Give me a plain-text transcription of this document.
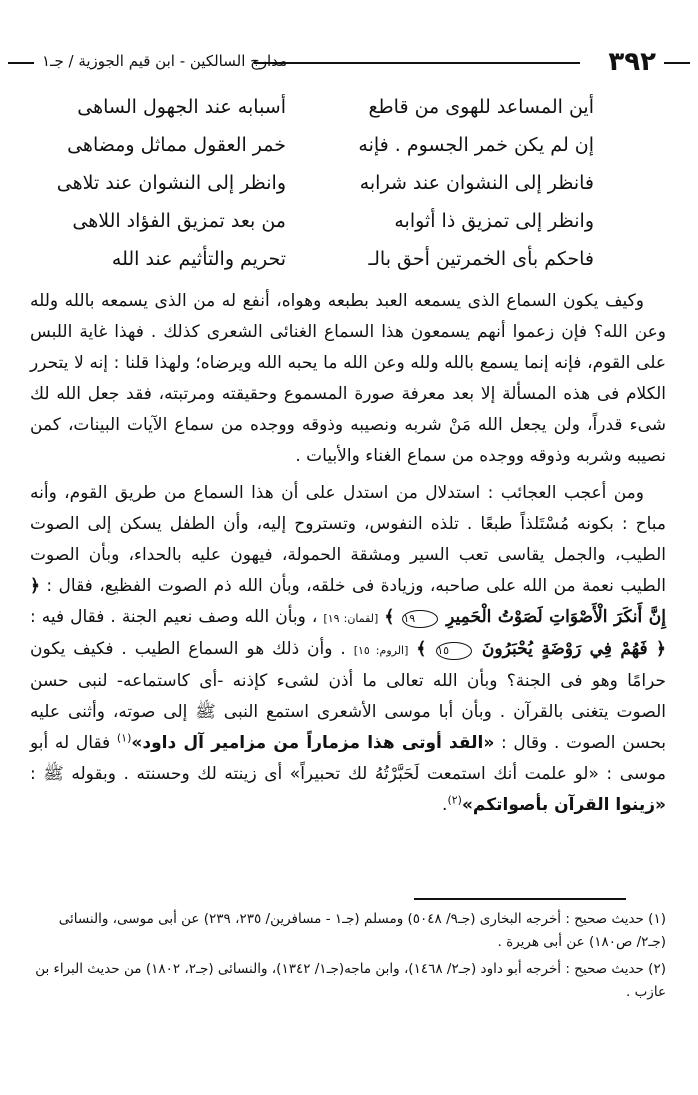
٣٩٢
مدارج السالكين - ابن قيم الجوزية / جـ١
أين المساعد للهوى من قاطع
أسبابه عند الجهول الساهى
إن لم يكن خمر الجسوم . فإنه
خمر العقول مماثل ومضاهى
فانظر إلى النشوان عند شرابه
وانظر إلى النشوان عند تلاهى
وانظر إلى تمزيق ذا أثوابه
من بعد تمزيق الفؤاد اللاهى
فاحكم بأى الخمرتين أحق بالـ
تحريم والتأثيم عند الله

وكيف يكون السماع الذى يسمعه العبد بطبعه وهواه، أنفع له من الذى يسمعه بالله ولله وعن الله؟ فإن زعموا أنهم يسمعون هذا السماع الغنائى الشعرى كذلك . فهذا غاية اللبس على القوم، فإنه إنما يسمع بالله ولله وعن الله ما يحبه الله ويرضاه؛ ولهذا قلنا : إنه لا يتحرر الكلام فى هذه المسألة إلا بعد معرفة صورة المسموع وحقيقته ومرتبته، فقد جعل الله لك شىء قدراً، ولن يجعل الله مَنْ شربه ونصيبه وذوقه ووجده من سماع الآيات البينات، كمن نصيبه وشربه وذوقه ووجده من سماع الغناء والأبيات .

ومن أعجب العجائب : استدلال من استدل على أن هذا السماع من طريق القوم، وأنه مباح : بكونه مُسْتَلذاً طبعًا . تلذه النفوس، وتستروح إليه، وأن الطفل يسكن إلى الصوت الطيب، والجمل يقاسى تعب السير ومشقة الحمولة، فيهون عليه بالحداء، وبأن الصوت الطيب نعمة من الله على صاحبه، وزيادة فى خلقه، وبأن الله ذم الصوت الفظيع، فقال : ﴿ إِنَّ أَنكَرَ الْأَصْوَاتِ لَصَوْتُ الْحَمِيرِ ١٩ ﴾ [لقمان: ١٩] ، وبأن الله وصف نعيم الجنة . فقال فيه : ﴿ فَهُمْ فِي رَوْضَةٍ يُحْبَرُونَ ١٥ ﴾ [الروم: ١٥] . وأن ذلك هو السماع الطيب . فكيف يكون حرامًا وهو فى الجنة؟ وبأن الله تعالى ما أذن لشىء كإذنه -أى كاستماعه- لنبى حسن الصوت يتغنى بالقرآن . وبأن أبا موسى الأشعرى استمع النبى ﷺ إلى صوته، وأثنى عليه بحسن الصوت . وقال : «القد أوتى هذا مزماراً من مزامير آل داود»$^{(١)}$ فقال له أبو موسى : «لو علمت أنك استمعت لَحَبَّرْتُهُ لك تحبيراً» أى زينته لك وحسنته . وبقوله ﷺ : «زينوا القرآن بأصواتكم»$^{(٢)}$.

(١) حديث صحيح : أخرجه البخارى (جـ٩/ ٥٠٤٨) ومسلم (جـ١ - مسافرين/ ٢٣٥، ٢٣٩) عن أبى موسى، والنسائى (جـ٢/ ص١٨٠) عن أبى هريرة .

(٢) حديث صحيح : أخرجه أبو داود (جـ٢/ ١٤٦٨)، وابن ماجه(جـ١/ ١٣٤٢)، والنسائى (جـ٢، ١٨٠٢) من حديث البراء بن عازب .
